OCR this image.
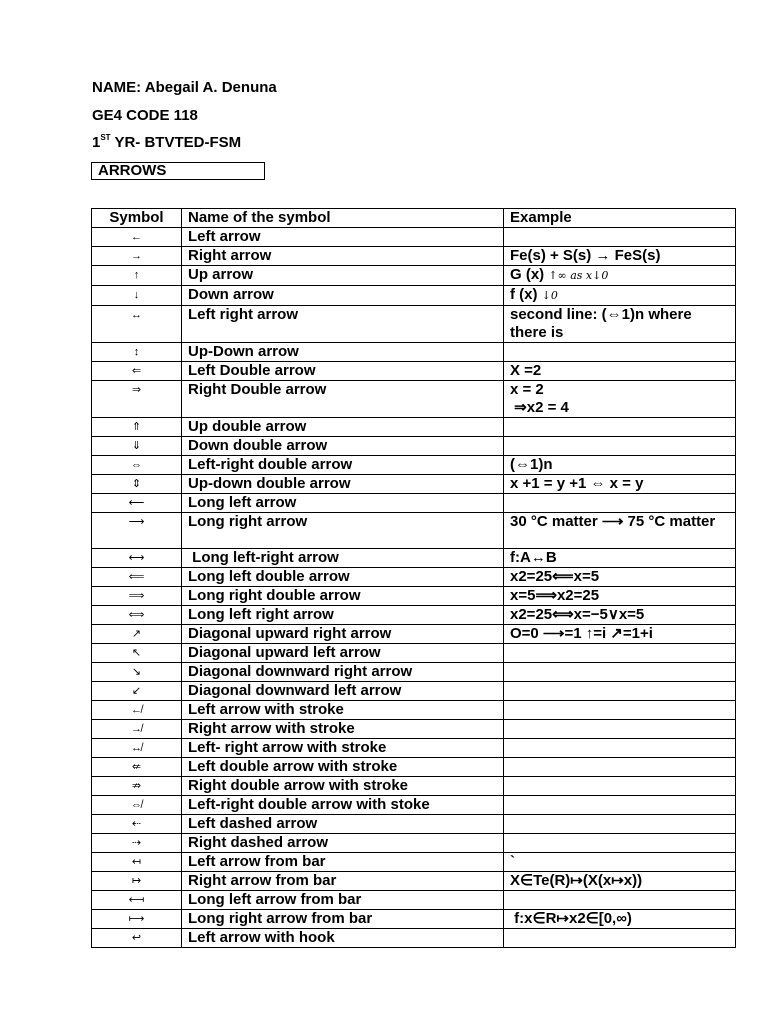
NAME: Abegail A. Denuna
GE4 CODE 118
1ST YR- BTVTED-FSM
ARROWS
Symbol	Name of the symbol	Example
←	Left arrow	
→	Right arrow	Fe(s) + S(s) → FeS(s)
↑	Up arrow	G (x) ↑∞ as x↓0
↓	Down arrow	f (x) ↓0
↔	Left right arrow	second line: (⇔1)n where there is
↕	Up-Down arrow	
⇐	Left Double arrow	X =2
⇒	Right Double arrow	x = 2
⇒x2 = 4
⇑	Up double arrow	
⇓	Down double arrow	
⇔	Left-right double arrow	(⇔1)n
⇕	Up-down double arrow	x +1 = y +1 ⇔ x = y
⟵	Long left arrow	
⟶	Long right arrow	30 °C matter ⟶ 75 °C matter
⟷	Long left-right arrow	f:A↔B
⟸	Long left double arrow	x2=25⟸x=5
⟹	Long right double arrow	x=5⟹x2=25
⟺	Long left right arrow	x2=25⟺x=−5∨x=5
↗	Diagonal upward right arrow	O=0 ⟶=1 ↑=i ↗=1+i
↖	Diagonal upward left arrow	
↘	Diagonal downward right arrow	
↙	Diagonal downward left arrow	
↚	Left arrow with stroke	
↛	Right arrow with stroke	
↮	Left- right arrow with stroke	
⇍	Left double arrow with stroke	
⇏	Right double arrow with stroke	
⇎	Left-right double arrow with stoke	
⇠	Left dashed arrow	
⇢	Right dashed arrow	
↤	Left arrow from bar	`
↦	Right arrow from bar	X∈Te(R)↦(X(x↦x))
⟻	Long left arrow from bar	
⟼	Long right arrow from bar	f:x∈R↦x2∈[0,∞)
↩	Left arrow with hook	
